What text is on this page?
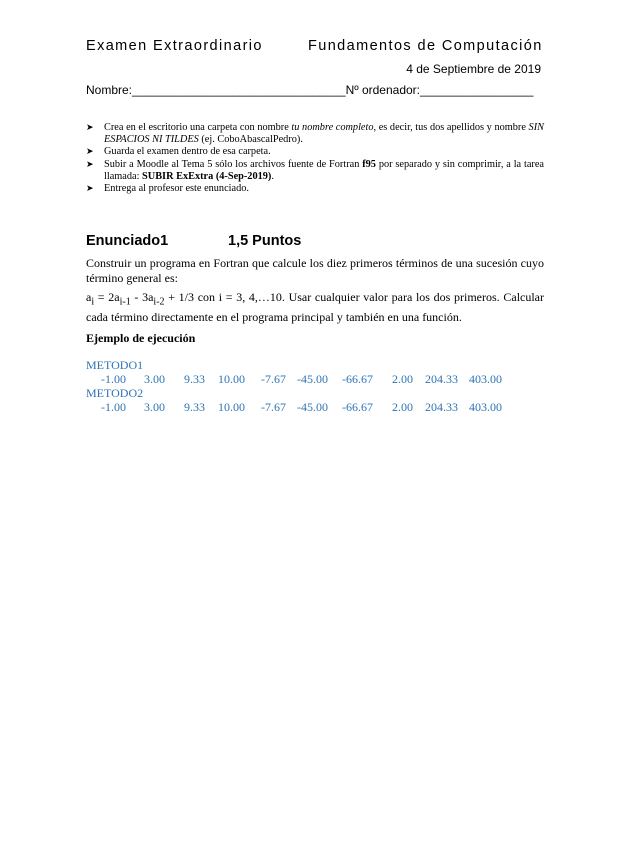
Examen Extraordinario	Fundamentos de Computación
4 de Septiembre de 2019
Nombre:________________________________Nº ordenador:_________________
➤ Crea en el escritorio una carpeta con nombre tu nombre completo, es decir, tus dos apellidos y nombre SIN ESPACIOS NI TILDES (ej. CoboAbascalPedro).
➤ Guarda el examen dentro de esa carpeta.
➤ Subir a Moodle al Tema 5 sólo los archivos fuente de Fortran f95 por separado y sin comprimir, a la tarea llamada: SUBIR ExExtra (4-Sep-2019).
➤ Entrega al profesor este enunciado.
Enunciado1	1,5 Puntos

Construir un programa en Fortran que calcule los diez primeros términos de una sucesión cuyo término general es:

$a_i = 2a_{i-1} - 3a_{i-2} + 1/3$ con i = 3, 4,…10. Usar cualquier valor para los dos primeros. Calcular cada término directamente en el programa principal y también en una función.

Ejemplo de ejecución
METODO1
-1.00 3.00 9.33 10.00 -7.67 -45.00 -66.67 2.00 204.33 403.00
METODO2
-1.00 3.00 9.33 10.00 -7.67 -45.00 -66.67 2.00 204.33 403.00
